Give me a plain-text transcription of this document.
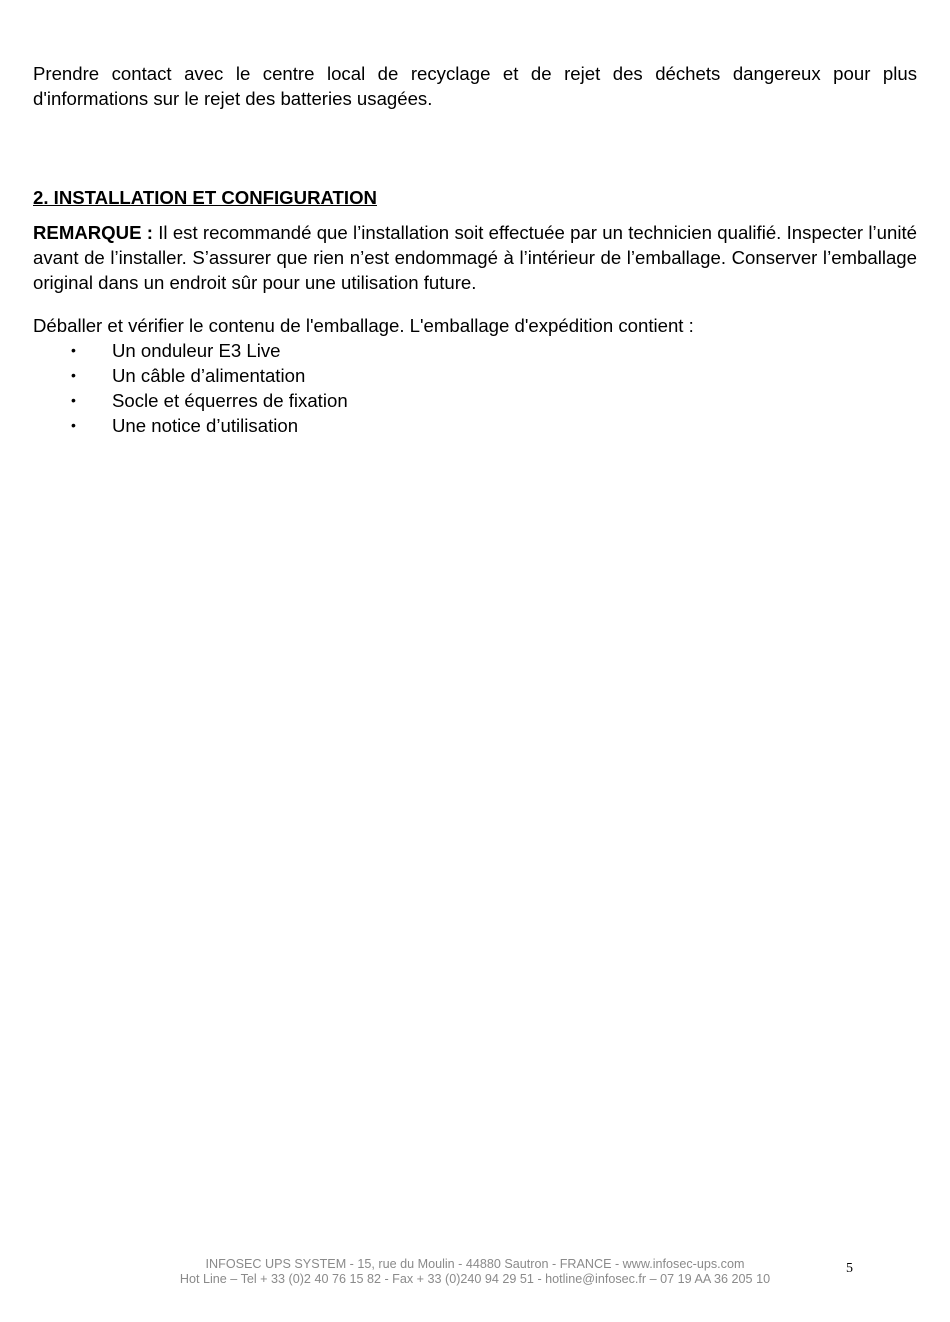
Prendre contact avec le centre local de recyclage et de rejet des déchets dangereux pour plus d'informations sur le rejet des batteries usagées.

2. INSTALLATION ET CONFIGURATION

REMARQUE : Il est recommandé que l’installation soit effectuée par un technicien qualifié. Inspecter l’unité avant de l’installer. S’assurer que rien n’est endommagé à l’intérieur de l’emballage. Conserver l’emballage original dans un endroit sûr pour une utilisation future.

Déballer et vérifier le contenu de l'emballage. L'emballage d'expédition contient :

• Un onduleur E3 Live
• Un câble d’alimentation
• Socle et équerres de fixation
• Une notice d’utilisation
INFOSEC UPS SYSTEM - 15, rue du Moulin - 44880 Sautron - FRANCE - www.infosec-ups.com
Hot Line – Tel + 33 (0)2 40 76 15 82 - Fax + 33 (0)240 94 29 51 - hotline@infosec.fr – 07 19 AA 36 205 10
5
